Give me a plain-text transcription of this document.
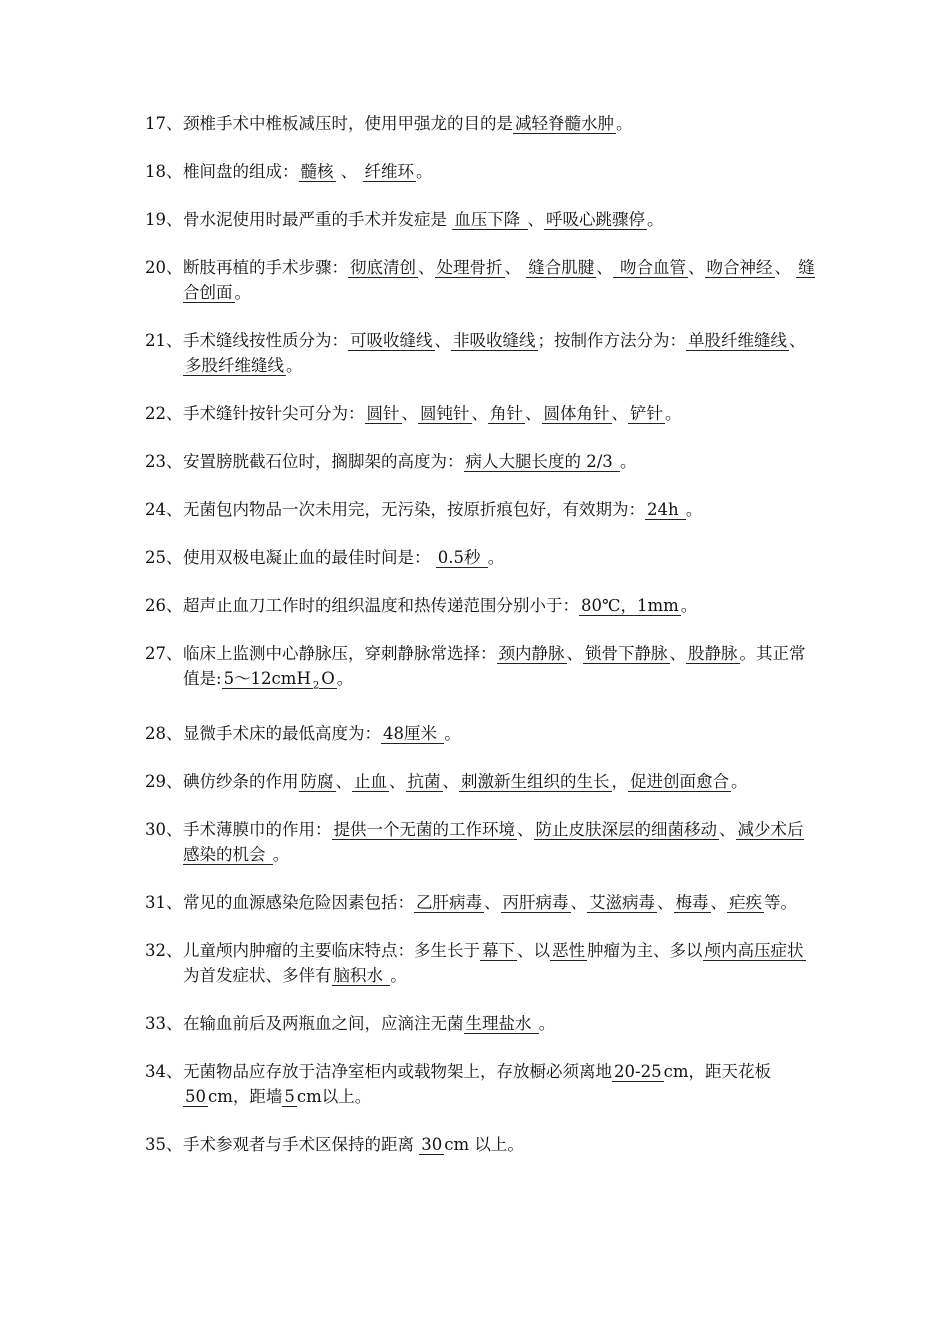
17、 颈椎手术中椎板减压时，使用甲强龙的目的是 减轻脊髓水肿 。
18、 椎间盘的组成： 髓核 、 纤维环 。
19、 骨水泥使用时最严重的手术并发症是 血压下降 、 呼吸心跳骤停 。
20、 断肢再植的手术步骤： 彻底清创 、 处理骨折 、 缝合肌腱 、 吻合血管 、 吻合神经 、 缝合创面 。
21、 手术缝线按性质分为： 可吸收缝线 、 非吸收缝线 ；按制作方法分为： 单股纤维缝线 、多股纤维缝线 。
22、 手术缝针按针尖可分为： 圆针 、 圆钝针 、 角针 、 圆体角针 、 铲针 。
23、 安置膀胱截石位时，搁脚架的高度为： 病人大腿长度的 2/3 。
24、 无菌包内物品一次未用完，无污染，按原折痕包好，有效期为： 24h 。
25、 使用双极电凝止血的最佳时间是： 0.5秒 。
26、 超声止血刀工作时的组织温度和热传递范围分别小于： 80℃，1mm 。
27、 临床上监测中心静脉压，穿刺静脉常选择： 颈内静脉 、 锁骨下静脉 、 股静脉 。其正常值是: 5～12cmH $_2$ O 。
28、 显微手术床的最低高度为： 48厘米 。
29、 碘仿纱条的作用 防腐 、 止血 、 抗菌 、 刺激新生组织的生长 ， 促进创面愈合 。
30、 手术薄膜巾的作用： 提供一个无菌的工作环境 、 防止皮肤深层的细菌移动 、 减少术后感染的机会 。
31、 常见的血源感染危险因素包括： 乙肝病毒 、 丙肝病毒 、 艾滋病毒 、 梅毒 、 疟疾 等。
32、 儿童颅内肿瘤的主要临床特点：多生长于 幕下 、以 恶性 肿瘤为主、多以 颅内高压症状为首发症状、多伴有 脑积水 。
33、 在输血前后及两瓶血之间，应滴注无菌 生理盐水 。
34、 无菌物品应存放于洁净室柜内或载物架上，存放橱必须离地 20-25 cm，距天花板50 cm，距墙 5 cm以上。
35、 手术参观者与手术区保持的距离 30 cm 以上。
